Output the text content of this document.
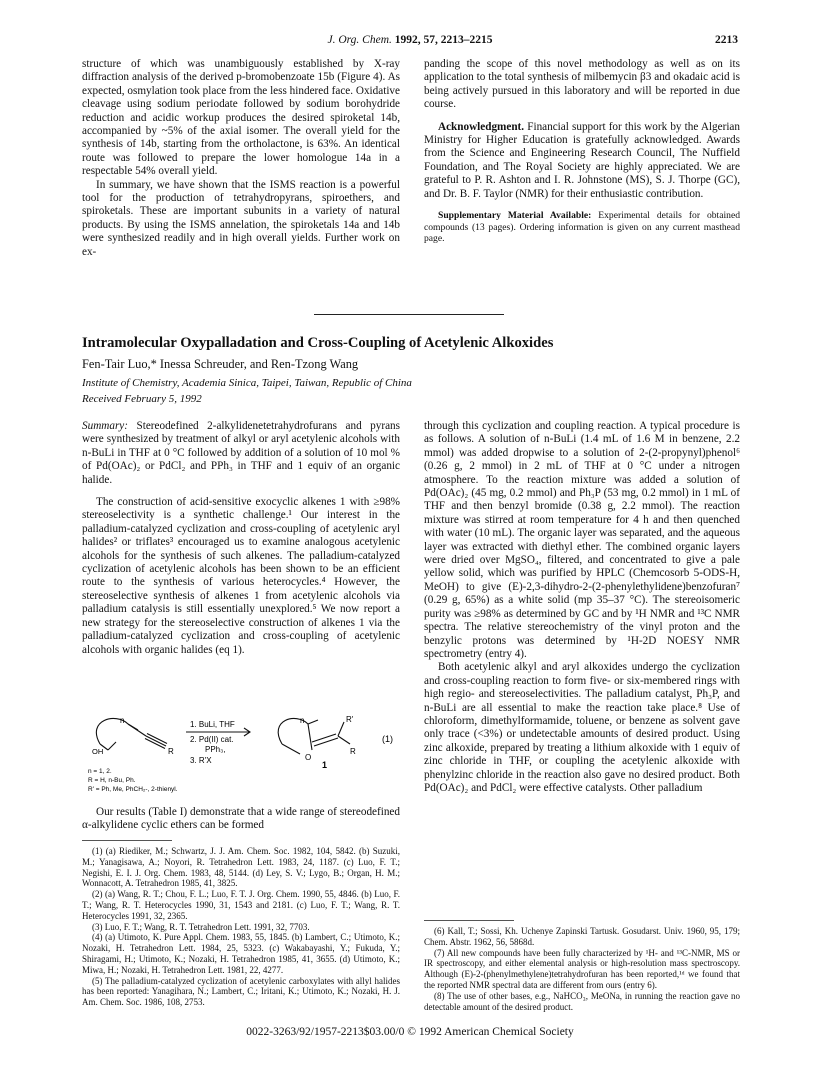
J. Org. Chem. 1992, 57, 2213–2215	2213

structure of which was unambiguously established by X-ray diffraction analysis of the derived p-bromobenzoate 15b (Figure 4). As expected, osmylation took place from the less hindered face. Oxidative cleavage using sodium periodate followed by sodium borohydride reduction and acidic workup produces the desired spiroketal 14b, accompanied by ~5% of the axial isomer. The overall yield for the synthesis of 14b, starting from the ortholactone, is 63%. An identical route was followed to prepare the lower homologue 14a in a respectable 54% overall yield.

In summary, we have shown that the ISMS reaction is a powerful tool for the production of tetrahydropyrans, spiroethers, and spiroketals. These are important subunits in a variety of natural products. By using the ISMS annelation, the spiroketals 14a and 14b were synthesized readily and in high overall yields. Further work on ex-

panding the scope of this novel methodology as well as on its application to the total synthesis of milbemycin β3 and okadaic acid is being actively pursued in this laboratory and will be reported in due course.

Acknowledgment. Financial support for this work by the Algerian Ministry for Higher Education is gratefully acknowledged. Awards from the Science and Engineering Research Council, The Nuffield Foundation, and The Royal Society are highly appreciated. We are grateful to P. R. Ashton and I. R. Johnstone (MS), S. J. Thorpe (GC), and Dr. B. F. Taylor (NMR) for their enthusiastic contribution.

Supplementary Material Available: Experimental details for obtained compounds (13 pages). Ordering information is given on any current masthead page.

Intramolecular Oxypalladation and Cross-Coupling of Acetylenic Alkoxides
Fen-Tair Luo,* Inessa Schreuder, and Ren-Tzong Wang
Institute of Chemistry, Academia Sinica, Taipei, Taiwan, Republic of China
Received February 5, 1992

Summary: Stereodefined 2-alkylidenetetrahydrofurans and pyrans were synthesized by treatment of alkyl or aryl acetylenic alcohols with n-BuLi in THF at 0 °C followed by addition of a solution of 10 mol % of Pd(OAc)₂ or PdCl₂ and PPh₃ in THF and 1 equiv of an organic halide.

The construction of acid-sensitive exocyclic alkenes 1 with ≥98% stereoselectivity is a synthetic challenge.¹ Our interest in the palladium-catalyzed cyclization and cross-coupling of acetylenic aryl halides² or triflates³ encouraged us to examine analogous acetylenic alcohols for the synthesis of such alkenes. The palladium-catalyzed cyclization of acetylenic alcohols has been shown to be an efficient route to the synthesis of various heterocycles.⁴ However, the stereoselective synthesis of alkenes 1 from acetylenic alcohols via palladium catalysis is still essentially unexplored.⁵ We now report a new strategy for the stereoselective construction of alkenes 1 via the palladium-catalyzed cyclization and cross-coupling of acetylenic alcohols with organic halides (eq 1).

n
OH	R
1. BuLi, THF
2. Pd(II) cat.
PPh₃,
3. R'X
n	R'
O
R
1
(1)
n = 1, 2.
R = H, n-Bu, Ph.
R' = Ph, Me, PhCH₂-, 2-thienyl.

Our results (Table I) demonstrate that a wide range of stereodefined α-alkylidene cyclic ethers can be formed

(1) (a) Riediker, M.; Schwartz, J. J. Am. Chem. Soc. 1982, 104, 5842. (b) Suzuki, M.; Yanagisawa, A.; Noyori, R. Tetrahedron Lett. 1983, 24, 1187. (c) Luo, F. T.; Negishi, E. I. J. Org. Chem. 1983, 48, 5144. (d) Ley, S. V.; Lygo, B.; Organ, H. M.; Wonnacott, A. Tetrahedron 1985, 41, 3825.

(2) (a) Wang, R. T.; Chou, F. L.; Luo, F. T. J. Org. Chem. 1990, 55, 4846. (b) Luo, F. T.; Wang, R. T. Heterocycles 1990, 31, 1543 and 2181. (c) Luo, F. T.; Wang, R. T. Heterocycles 1991, 32, 2365.

(3) Luo, F. T.; Wang, R. T. Tetrahedron Lett. 1991, 32, 7703.

(4) (a) Utimoto, K. Pure Appl. Chem. 1983, 55, 1845. (b) Lambert, C.; Utimoto, K.; Nozaki, H. Tetrahedron Lett. 1984, 25, 5323. (c) Wakabayashi, Y.; Fukuda, Y.; Shiragami, H.; Utimoto, K.; Nozaki, H. Tetrahedron 1985, 41, 3655. (d) Utimoto, K.; Miwa, H.; Nozaki, H. Tetrahedron Lett. 1981, 22, 4277.

(5) The palladium-catalyzed cyclization of acetylenic carboxylates with allyl halides has been reported: Yanagihara, N.; Lambert, C.; Iritani, K.; Utimoto, K.; Nozaki, H. J. Am. Chem. Soc. 1986, 108, 2753.

through this cyclization and coupling reaction. A typical procedure is as follows. A solution of n-BuLi (1.4 mL of 1.6 M in benzene, 2.2 mmol) was added dropwise to a solution of 2-(2-propynyl)phenol⁶ (0.26 g, 2 mmol) in 2 mL of THF at 0 °C under a nitrogen atmosphere. To the reaction mixture was added a solution of Pd(OAc)₂ (45 mg, 0.2 mmol) and Ph₃P (53 mg, 0.2 mmol) in 1 mL of THF and then benzyl bromide (0.38 g, 2.2 mmol). The reaction mixture was stirred at room temperature for 4 h and then quenched with water (10 mL). The organic layer was separated, and the aqueous layer was extracted with diethyl ether. The combined organic layers were dried over MgSO₄, filtered, and concentrated to give a pale yellow solid, which was purified by HPLC (Chemcosorb 5-ODS-H, MeOH) to give (E)-2,3-dihydro-2-(2-phenylethylidene)benzofuran⁷ (0.29 g, 65%) as a white solid (mp 35–37 °C). The stereoisomeric purity was ≥98% as determined by GC and by ¹H NMR and ¹³C NMR spectra. The relative stereochemistry of the vinyl proton and the benzylic protons was determined by ¹H-2D NOESY NMR spectrometry (entry 4).

Both acetylenic alkyl and aryl alkoxides undergo the cyclization and cross-coupling reaction to form five- or six-membered rings with high regio- and stereoselectivities. The palladium catalyst, Ph₃P, and n-BuLi are all essential to make the reaction take place.⁸ Use of chloroform, dimethylformamide, toluene, or benzene as solvent gave only trace (<3%) or undetectable amounts of desired product. Using zinc alkoxide, prepared by treating a lithium alkoxide with 1 equiv of zinc chloride in THF, or coupling the acetylenic alkoxide with phenylzinc chloride in the reaction also gave no desired product. Both Pd(OAc)₂ and PdCl₂ were effective catalysts. Other palladium

(6) Kall, T.; Sossi, Kh. Uchenye Zapinski Tartusk. Gosudarst. Univ. 1960, 95, 179; Chem. Abstr. 1962, 56, 5868d.

(7) All new compounds have been fully characterized by ¹H- and ¹³C-NMR, MS or IR spectroscopy, and either elemental analysis or high-resolution mass spectroscopy. Although (E)-2-(phenylmethylene)tetrahydrofuran has been reported,¹ᵈ we found that the reported NMR spectral data are different from ours (entry 6).

(8) The use of other bases, e.g., NaHCO₃, MeONa, in running the reaction gave no detectable amount of the desired product.

0022-3263/92/1957-2213$03.00/0 © 1992 American Chemical Society
